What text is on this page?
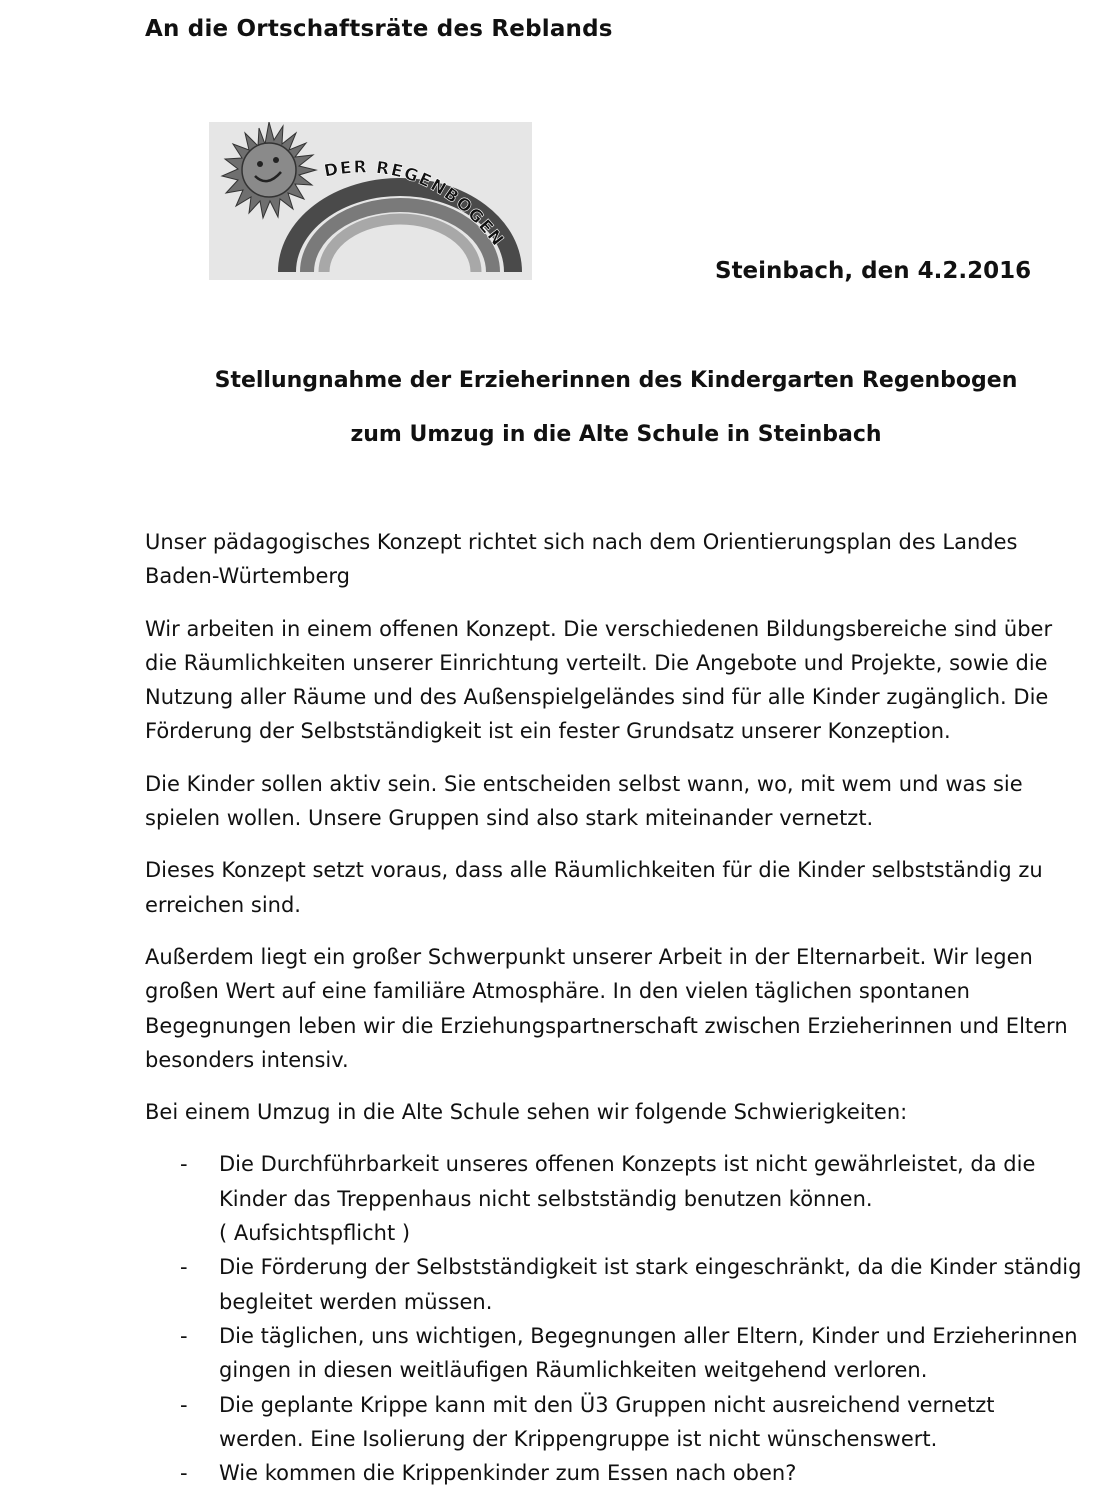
An die Ortschaftsräte des Reblands
DER REGENBOGEN

Steinbach, den 4.2.2016

Stellungnahme der Erzieherinnen des Kindergarten Regenbogen
zum Umzug in die Alte Schule in Steinbach

Unser pädagogisches Konzept richtet sich nach dem Orientierungsplan des Landes Baden-Würtemberg

Wir arbeiten in einem offenen Konzept. Die verschiedenen Bildungsbereiche sind über die Räumlichkeiten unserer Einrichtung verteilt. Die Angebote und Projekte, sowie die Nutzung aller Räume und des Außenspielgeländes sind für alle Kinder zugänglich. Die Förderung der Selbstständigkeit ist ein fester Grundsatz unserer Konzeption.

Die Kinder sollen aktiv sein. Sie entscheiden selbst wann, wo, mit wem und was sie spielen wollen. Unsere Gruppen sind also stark miteinander vernetzt.

Dieses Konzept setzt voraus, dass alle Räumlichkeiten für die Kinder selbstständig zu erreichen sind.

Außerdem liegt ein großer Schwerpunkt unserer Arbeit in der Elternarbeit. Wir legen großen Wert auf eine familiäre Atmosphäre. In den vielen täglichen spontanen Begegnungen leben wir die Erziehungspartnerschaft zwischen Erzieherinnen und Eltern besonders intensiv.

Bei einem Umzug in die Alte Schule sehen wir folgende Schwierigkeiten:

- Die Durchführbarkeit unseres offenen Konzepts ist nicht gewährleistet, da die Kinder das Treppenhaus nicht selbstständig benutzen können.
( Aufsichtspflicht )
- Die Förderung der Selbstständigkeit ist stark eingeschränkt, da die Kinder ständig begleitet werden müssen.
- Die täglichen, uns wichtigen, Begegnungen aller Eltern, Kinder und Erzieherinnen gingen in diesen weitläufigen Räumlichkeiten weitgehend verloren.
- Die geplante Krippe kann mit den Ü3 Gruppen nicht ausreichend vernetzt werden. Eine Isolierung der Krippengruppe ist nicht wünschenswert.
- Wie kommen die Krippenkinder zum Essen nach oben?
